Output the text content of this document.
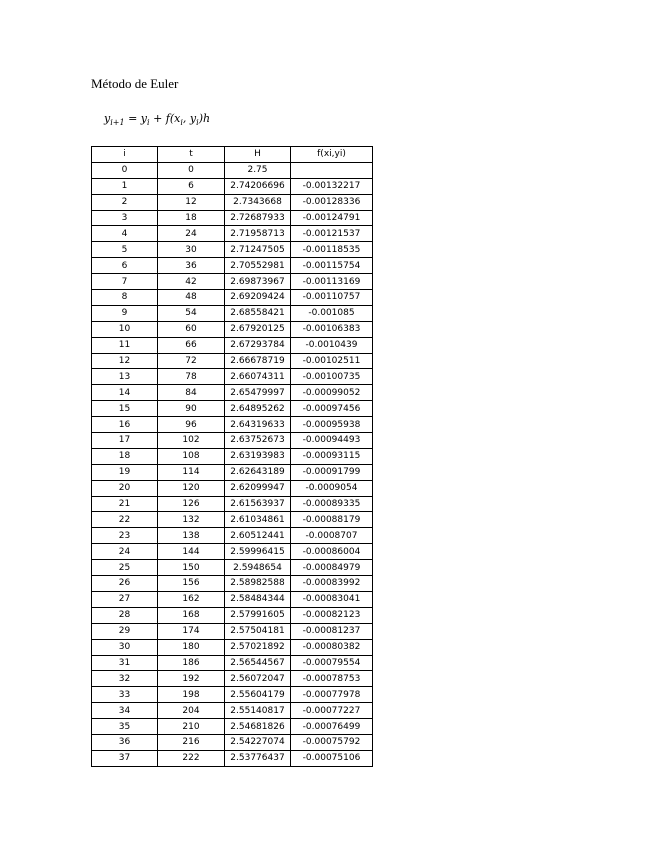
Método de Euler
$y_{i+1} = y_i + f(x_i$, $y_i)h$
i	t	H	f(xi,yi)
0	0	2.75	
1	6	2.74206696	-0.00132217
2	12	2.7343668	-0.00128336
3	18	2.72687933	-0.00124791
4	24	2.71958713	-0.00121537
5	30	2.71247505	-0.00118535
6	36	2.70552981	-0.00115754
7	42	2.69873967	-0.00113169
8	48	2.69209424	-0.00110757
9	54	2.68558421	-0.001085
10	60	2.67920125	-0.00106383
11	66	2.67293784	-0.0010439
12	72	2.66678719	-0.00102511
13	78	2.66074311	-0.00100735
14	84	2.65479997	-0.00099052
15	90	2.64895262	-0.00097456
16	96	2.64319633	-0.00095938
17	102	2.63752673	-0.00094493
18	108	2.63193983	-0.00093115
19	114	2.62643189	-0.00091799
20	120	2.62099947	-0.0009054
21	126	2.61563937	-0.00089335
22	132	2.61034861	-0.00088179
23	138	2.60512441	-0.0008707
24	144	2.59996415	-0.00086004
25	150	2.5948654	-0.00084979
26	156	2.58982588	-0.00083992
27	162	2.58484344	-0.00083041
28	168	2.57991605	-0.00082123
29	174	2.57504181	-0.00081237
30	180	2.57021892	-0.00080382
31	186	2.56544567	-0.00079554
32	192	2.56072047	-0.00078753
33	198	2.55604179	-0.00077978
34	204	2.55140817	-0.00077227
35	210	2.54681826	-0.00076499
36	216	2.54227074	-0.00075792
37	222	2.53776437	-0.00075106
